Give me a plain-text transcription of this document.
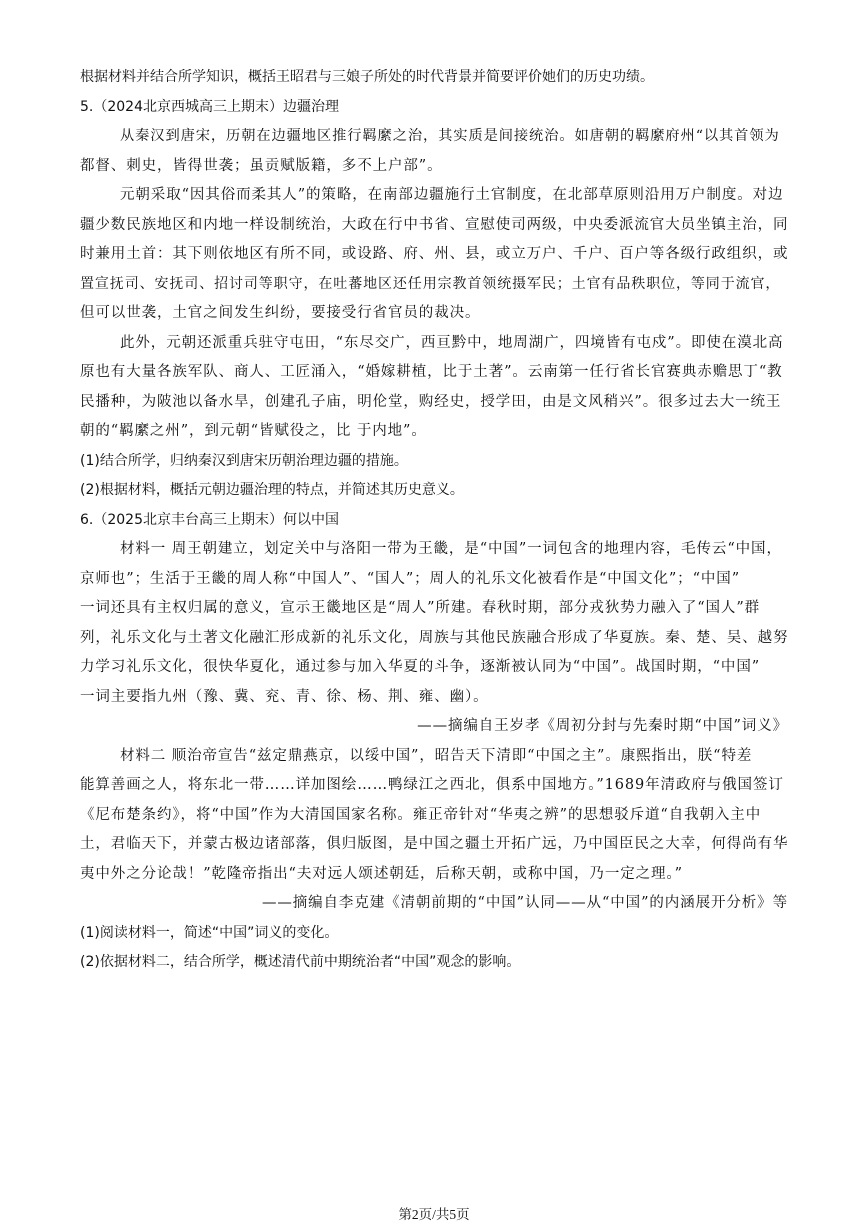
根据材料并结合所学知识，概括王昭君与三娘子所处的时代背景并简要评价她们的历史功绩。
5.（2024北京西城高三上期末）边疆治理
从秦汉到唐宋，历朝在边疆地区推行羁縻之治，其实质是间接统治。如唐朝的羁縻府州“以其首领为
都督、刺史，皆得世袭；虽贡赋版籍，多不上户部”。
元朝采取“因其俗而柔其人”的策略，在南部边疆施行土官制度，在北部草原则沿用万户制度。对边
疆少数民族地区和内地一样设制统治，大政在行中书省、宣慰使司两级，中央委派流官大员坐镇主治，同
时兼用土首：其下则依地区有所不同，或设路、府、州、县，或立万户、千户、百户等各级行政组织，或
置宣抚司、安抚司、招讨司等职守，在吐蕃地区还任用宗教首领统摄军民；土官有品秩职位，等同于流官，
但可以世袭，土官之间发生纠纷，要接受行省官员的裁决。
此外，元朝还派重兵驻守屯田，“东尽交广，西亘黔中，地周湖广，四境皆有屯戍”。即使在漠北高
原也有大量各族军队、商人、工匠涌入，“婚嫁耕植，比于土著”。云南第一任行省长官赛典赤赡思丁“教
民播种，为陂池以备水旱，创建孔子庙，明伦堂，购经史，授学田，由是文风稍兴”。很多过去大一统王
朝的“羁縻之州”，到元朝“皆赋役之，比 于内地”。
(1)结合所学，归纳秦汉到唐宋历朝治理边疆的措施。
(2)根据材料，概括元朝边疆治理的特点，并简述其历史意义。
6.（2025北京丰台高三上期末）何以中国
材料一 周王朝建立，划定关中与洛阳一带为王畿，是“中国”一词包含的地理内容，毛传云“中国，
京师也”；生活于王畿的周人称“中国人”、“国人”；周人的礼乐文化被看作是“中国文化”；“中国”
一词还具有主权归属的意义，宣示王畿地区是“周人”所建。春秋时期，部分戎狄势力融入了“国人”群
列，礼乐文化与土著文化融汇形成新的礼乐文化，周族与其他民族融合形成了华夏族。秦、楚、吴、越努
力学习礼乐文化，很快华夏化，通过参与加入华夏的斗争，逐渐被认同为“中国”。战国时期，“中国”
一词主要指九州（豫、冀、兖、青、徐、杨、荆、雍、幽）。
——摘编自王岁孝《周初分封与先秦时期“中国”词义》
材料二 顺治帝宣告“兹定鼎燕京，以绥中国”，昭告天下清即“中国之主”。康熙指出，朕“特差
能算善画之人，将东北一带……详加图绘……鸭绿江之西北，俱系中国地方。”1689年清政府与俄国签订
《尼布楚条约》，将“中国”作为大清国国家名称。雍正帝针对“华夷之辨”的思想驳斥道“自我朝入主中
土，君临天下，并蒙古极边诸部落，俱归版图，是中国之疆土开拓广远，乃中国臣民之大幸，何得尚有华
夷中外之分论哉！”乾隆帝指出“夫对远人颂述朝廷，后称天朝，或称中国，乃一定之理。”
——摘编自李克建《清朝前期的“中国”认同——从“中国”的内涵展开分析》等
(1)阅读材料一，简述“中国”词义的变化。
(2)依据材料二，结合所学，概述清代前中期统治者“中国”观念的影响。
第2页/共5页
